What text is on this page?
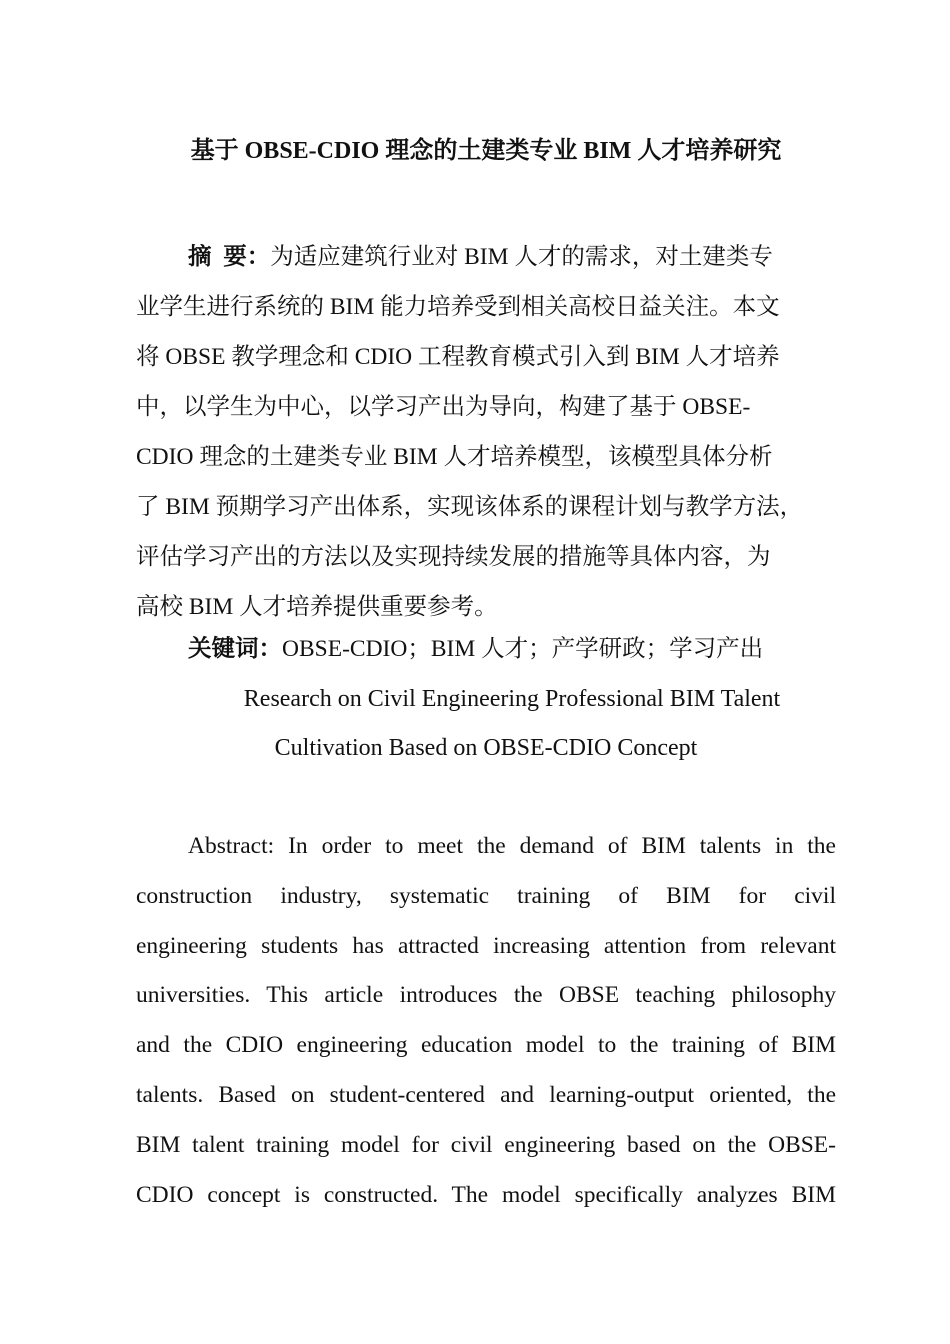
基于 OBSE-CDIO 理念的土建类专业 BIM 人才培养研究
摘  要：为适应建筑行业对 BIM 人才的需求，对土建类专
业学生进行系统的 BIM 能力培养受到相关高校日益关注。本文
将 OBSE 教学理念和 CDIO 工程教育模式引入到 BIM 人才培养
中，以学生为中心，以学习产出为导向，构建了基于 OBSE-
CDIO 理念的土建类专业 BIM 人才培养模型，该模型具体分析
了 BIM 预期学习产出体系，实现该体系的课程计划与教学方法，
评估学习产出的方法以及实现持续发展的措施等具体内容，为
高校 BIM 人才培养提供重要参考。
关键词：OBSE-CDIO；BIM 人才；产学研政；学习产出
Research on Civil Engineering Professional BIM Talent
Cultivation Based on OBSE-CDIO Concept
Abstract: In order to meet the demand of BIM talents in the
construction industry, systematic training of BIM for civil
engineering students has attracted increasing attention from relevant
universities. This article introduces the OBSE teaching philosophy
and the CDIO engineering education model to the training of BIM
talents. Based on student-centered and learning-output oriented, the
BIM talent training model for civil engineering based on the OBSE-
CDIO concept is constructed. The model specifically analyzes BIM
